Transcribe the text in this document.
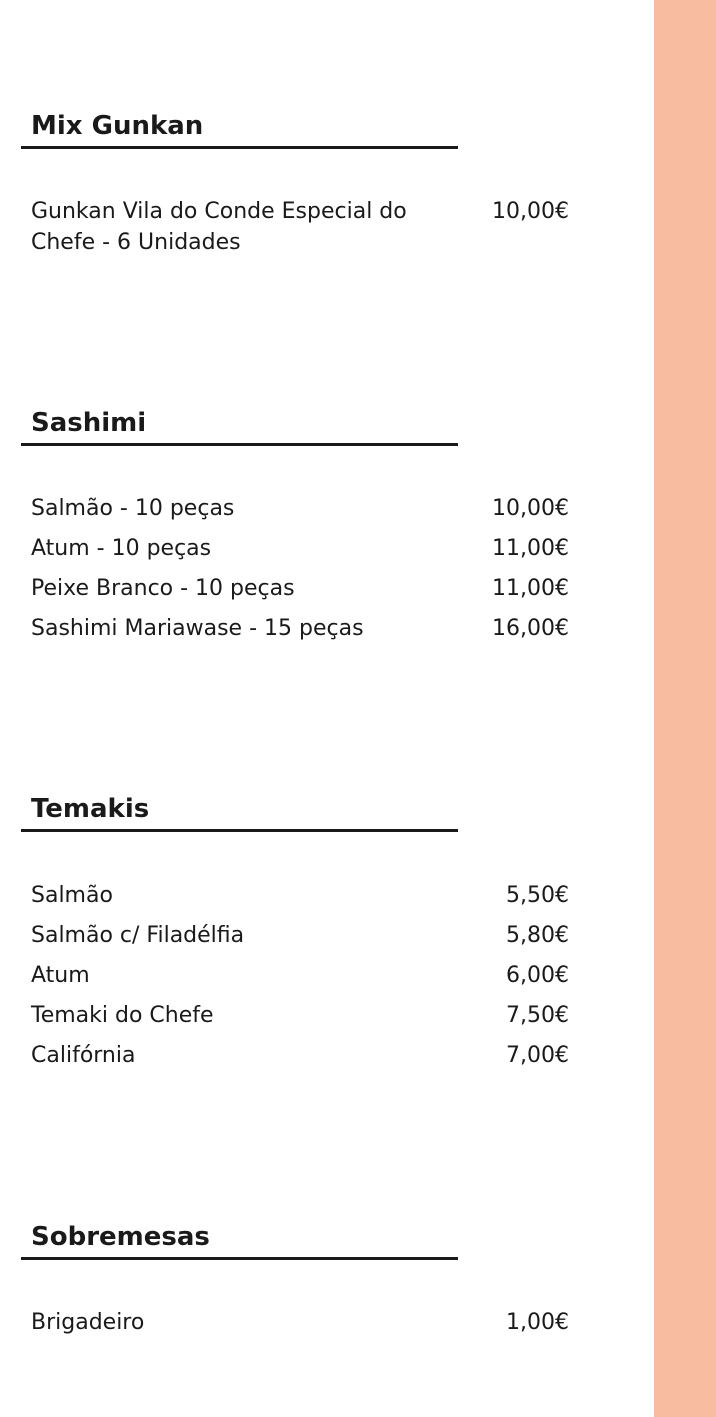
Mix Gunkan
Gunkan Vila do Conde Especial do Chefe - 6 Unidades
10,00€
Sashimi
Salmão - 10 peças	10,00€
Atum - 10 peças	11,00€
Peixe Branco - 10 peças	11,00€
Sashimi Mariawase - 15 peças	16,00€
Temakis
Salmão	5,50€
Salmão c/ Filadélfia	5,80€
Atum	6,00€
Temaki do Chefe	7,50€
Califórnia	7,00€
Sobremesas
Brigadeiro	1,00€
